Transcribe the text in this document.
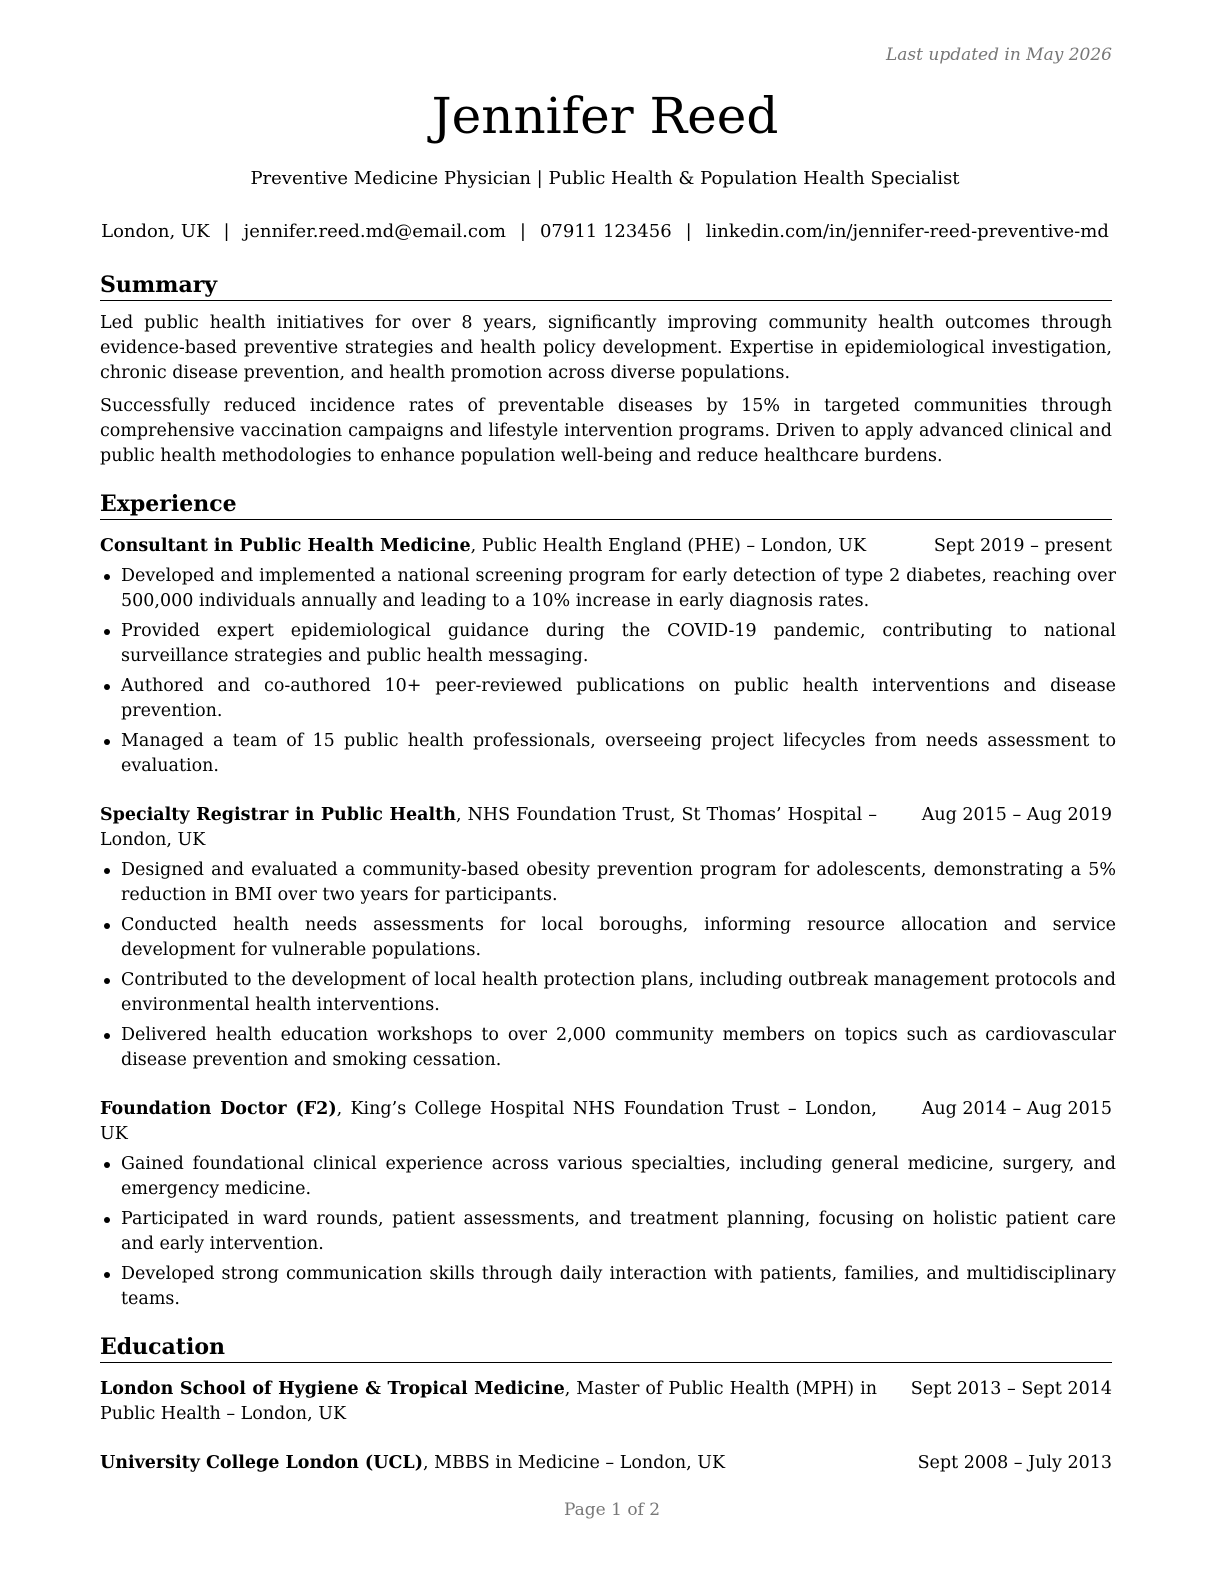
Last updated in May 2026
Jennifer Reed
Preventive Medicine Physician | Public Health & Population Health Specialist
London, UK | jennifer.reed.md@email.com | 07911 123456 | linkedin.com/in/jennifer-reed-preventive-md
Summary

Led public health initiatives for over 8 years, significantly improving community health outcomes through evidence-based preventive strategies and health policy development. Expertise in epidemiological investigation, chronic disease prevention, and health promotion across diverse populations.

Successfully reduced incidence rates of preventable diseases by 15% in targeted communities through comprehensive vaccination campaigns and lifestyle intervention programs. Driven to apply advanced clinical and public health methodologies to enhance population well-being and reduce healthcare burdens.

Experience
Consultant in Public Health Medicine, Public Health England (PHE) – London, UK	Sept 2019 – present
Developed and implemented a national screening program for early detection of type 2 diabetes, reaching over 500,000 individuals annually and leading to a 10% increase in early diagnosis rates.
Provided expert epidemiological guidance during the COVID-19 pandemic, contributing to national surveillance strategies and public health messaging.
Authored and co-authored 10+ peer-reviewed publications on public health interventions and disease prevention.
Managed a team of 15 public health professionals, overseeing project lifecycles from needs assessment to evaluation.
Specialty Registrar in Public Health, NHS Foundation Trust, St Thomas’ Hospital – London, UK
Aug 2015 – Aug 2019
Designed and evaluated a community-based obesity prevention program for adolescents, demonstrating a 5% reduction in BMI over two years for participants.
Conducted health needs assessments for local boroughs, informing resource allocation and service development for vulnerable populations.
Contributed to the development of local health protection plans, including outbreak management protocols and environmental health interventions.
Delivered health education workshops to over 2,000 community members on topics such as cardiovascular disease prevention and smoking cessation.
Foundation Doctor (F2), King’s College Hospital NHS Foundation Trust – London, UK
Aug 2014 – Aug 2015
Gained foundational clinical experience across various specialties, including general medicine, surgery, and emergency medicine.
Participated in ward rounds, patient assessments, and treatment planning, focusing on holistic patient care and early intervention.
Developed strong communication skills through daily interaction with patients, families, and multidisciplinary teams.
Education
London School of Hygiene & Tropical Medicine, Master of Public Health (MPH) in Public Health – London, UK
Sept 2013 – Sept 2014
University College London (UCL), MBBS in Medicine – London, UK	Sept 2008 – July 2013
Page 1 of 2
